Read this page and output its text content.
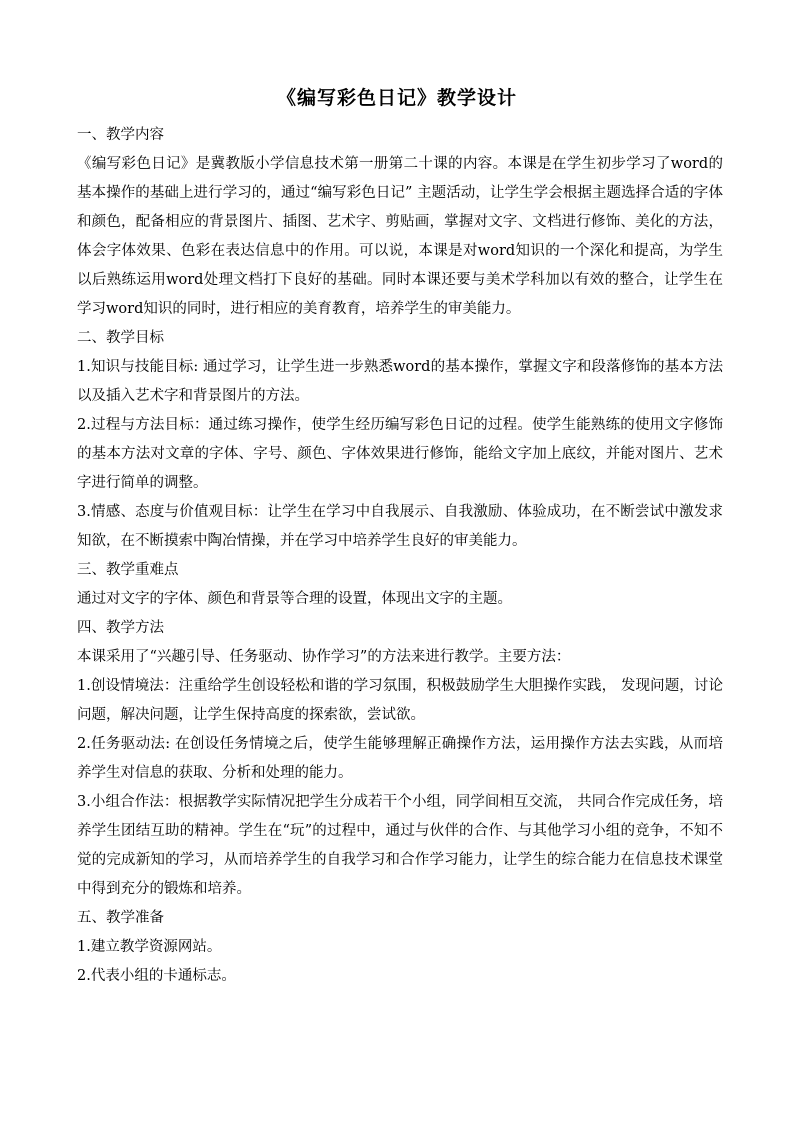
《编写彩色日记》教学设计

一、教学内容

《编写彩色日记》是冀教版小学信息技术第一册第二十课的内容。本课是在学生初步学习了word的基本操作的基础上进行学习的，通过“编写彩色日记” 主题活动，让学生学会根据主题选择合适的字体和颜色，配备相应的背景图片、插图、艺术字、剪贴画，掌握对文字、文档进行修饰、美化的方法，体会字体效果、色彩在表达信息中的作用。可以说，本课是对word知识的一个深化和提高，为学生以后熟练运用word处理文档打下良好的基础。同时本课还要与美术学科加以有效的整合，让学生在学习word知识的同时，进行相应的美育教育，培养学生的审美能力。

二、教学目标

1.知识与技能目标: 通过学习，让学生进一步熟悉word的基本操作，掌握文字和段落修饰的基本方法以及插入艺术字和背景图片的方法。

2.过程与方法目标：通过练习操作，使学生经历编写彩色日记的过程。使学生能熟练的使用文字修饰的基本方法对文章的字体、字号、颜色、字体效果进行修饰，能给文字加上底纹，并能对图片、艺术字进行简单的调整。

3.情感、态度与价值观目标：让学生在学习中自我展示、自我激励、体验成功，在不断尝试中激发求知欲，在不断摸索中陶冶情操，并在学习中培养学生良好的审美能力。

三、教学重难点

通过对文字的字体、颜色和背景等合理的设置，体现出文字的主题。

四、教学方法

本课采用了“兴趣引导、任务驱动、协作学习”的方法来进行教学。主要方法：

1.创设情境法：注重给学生创设轻松和谐的学习氛围，积极鼓励学生大胆操作实践， 发现问题，讨论问题，解决问题，让学生保持高度的探索欲，尝试欲。

2.任务驱动法: 在创设任务情境之后，使学生能够理解正确操作方法，运用操作方法去实践，从而培养学生对信息的获取、分析和处理的能力。

3.小组合作法：根据教学实际情况把学生分成若干个小组，同学间相互交流， 共同合作完成任务，培养学生团结互助的精神。学生在“玩”的过程中，通过与伙伴的合作、与其他学习小组的竞争，不知不觉的完成新知的学习，从而培养学生的自我学习和合作学习能力，让学生的综合能力在信息技术课堂中得到充分的锻炼和培养。

五、教学准备

1.建立教学资源网站。

2.代表小组的卡通标志。
